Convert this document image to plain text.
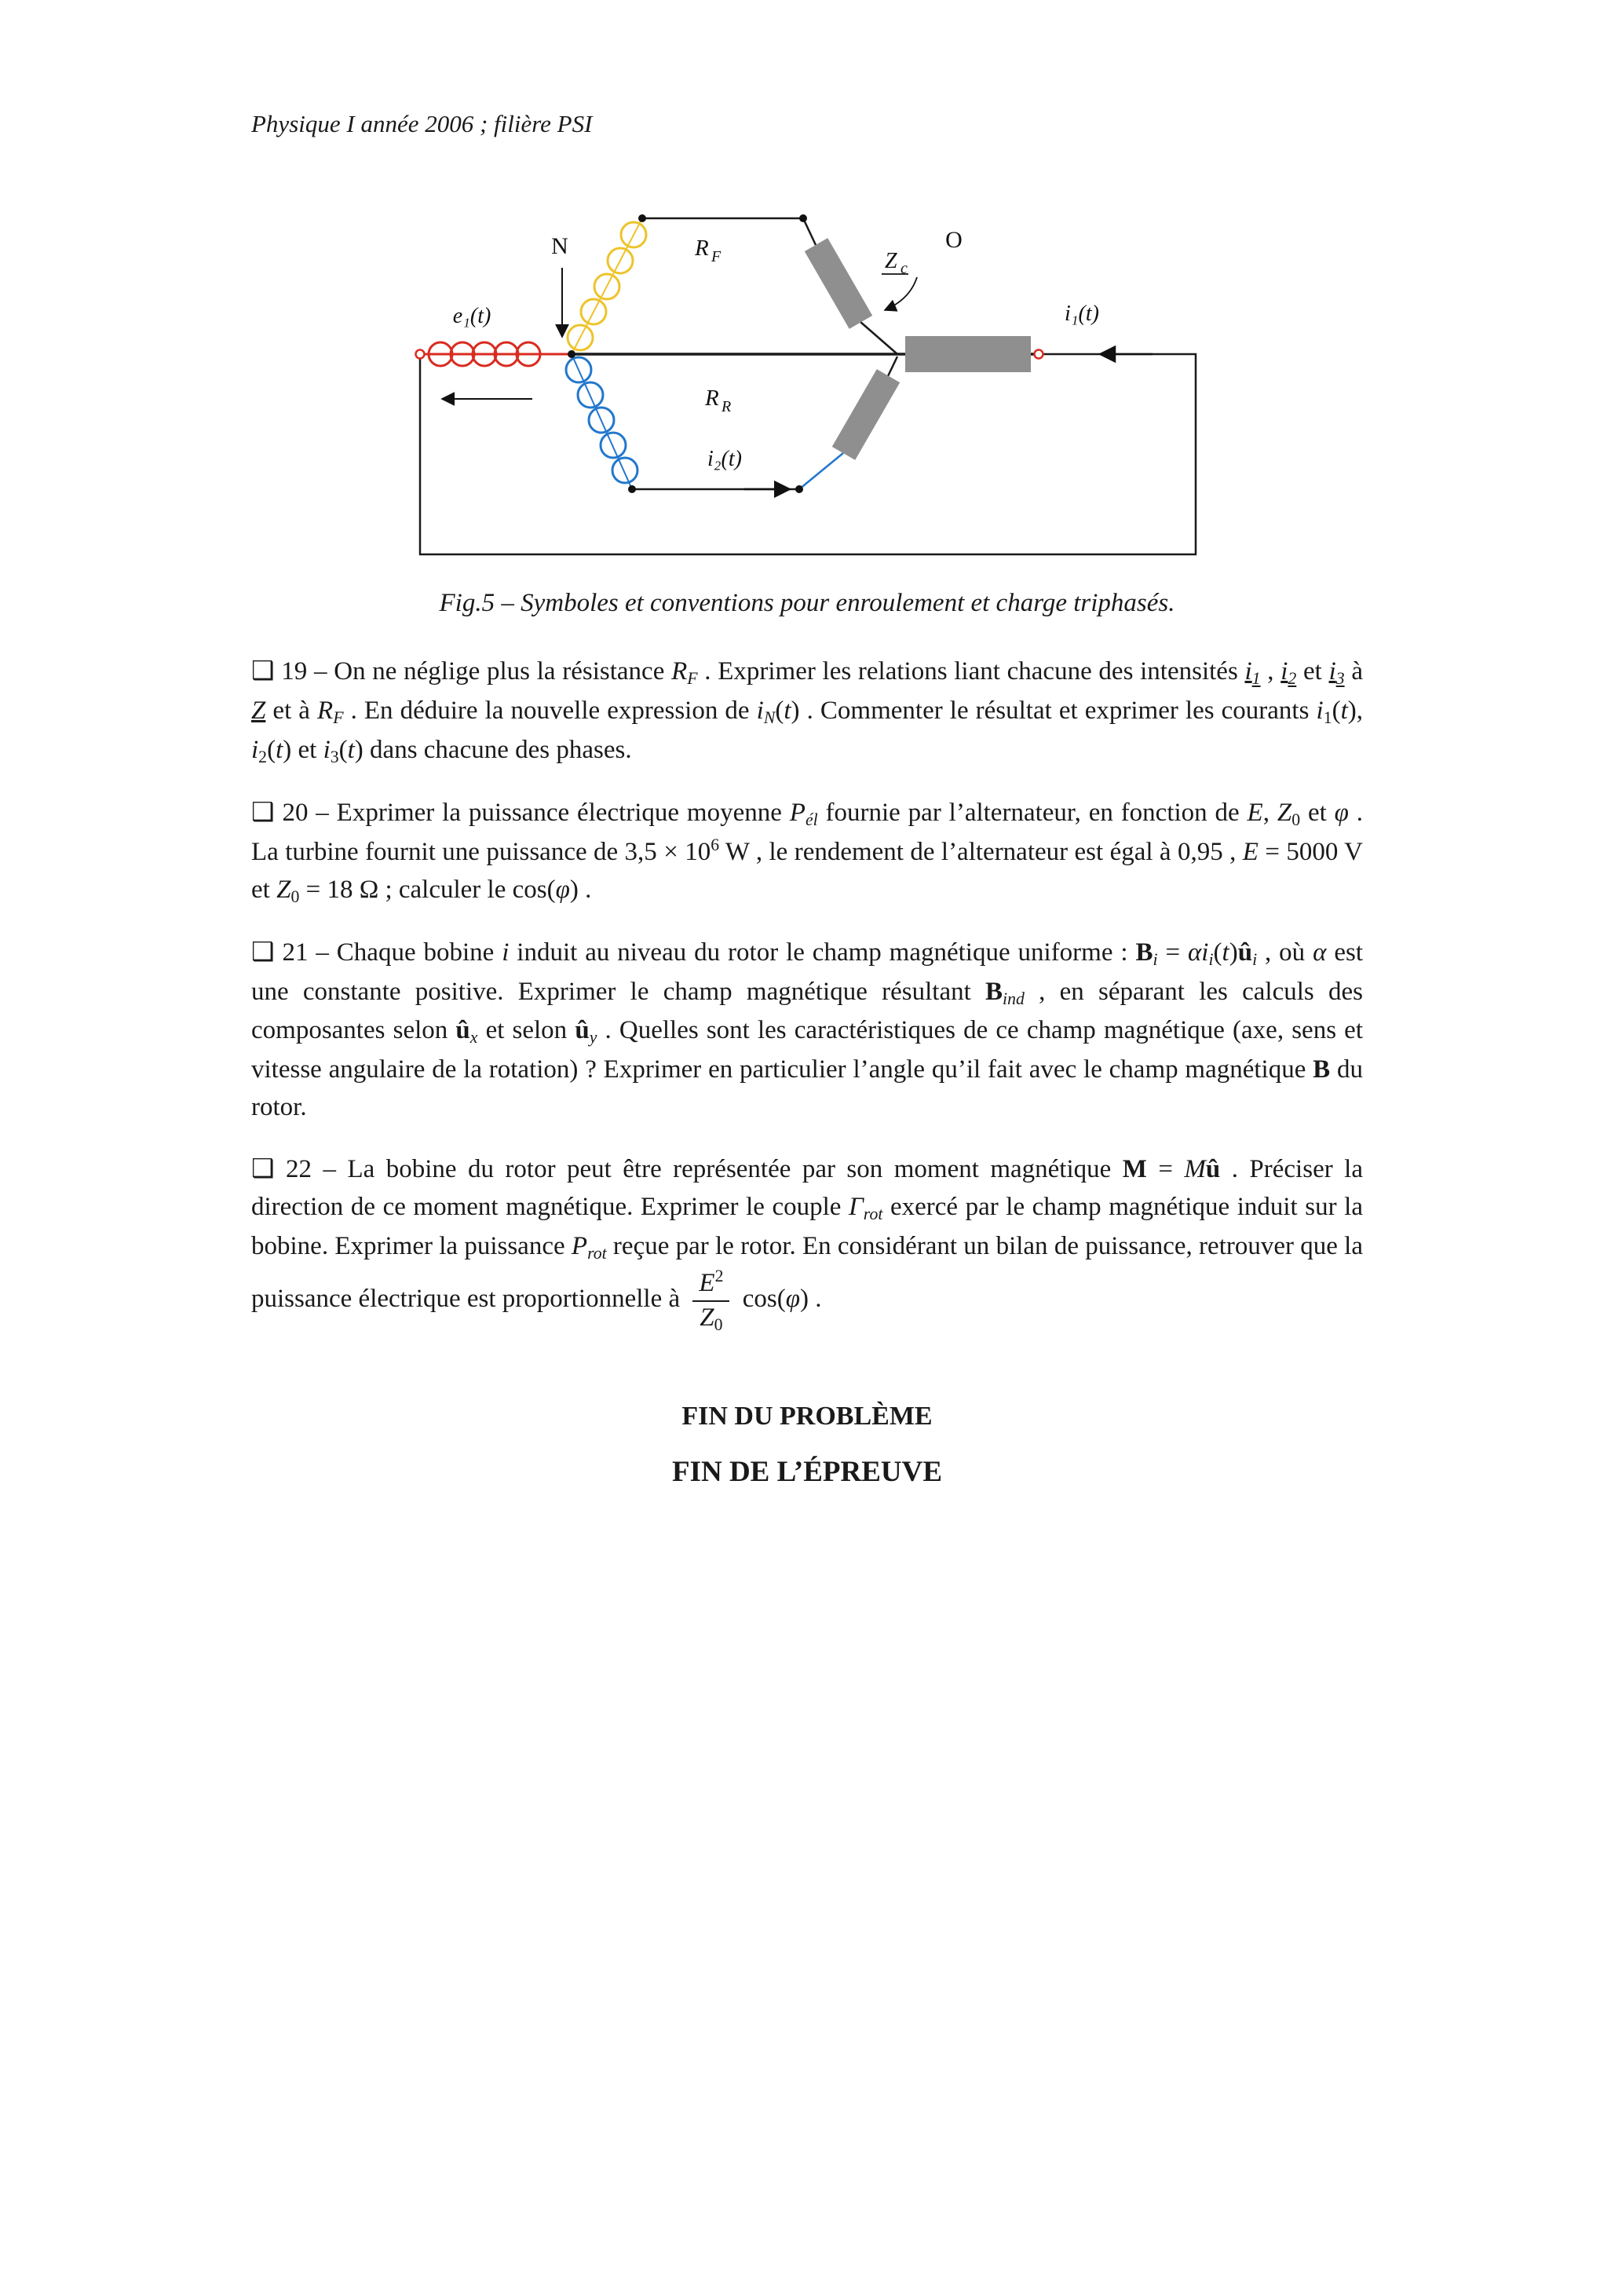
Physique I année 2006 ; filière PSI
N
e₁(t)
R F	Z c
O
i₁(t)
R R
i₂(t)
Fig.5 – Symboles et conventions pour enroulement et charge triphasés.
❑ 19 – On ne néglige plus la résistance RF . Exprimer les relations liant chacune des intensités i1 , i2 et i3 à Z et à RF . En déduire la nouvelle expression de iN(t) . Commenter le résultat et exprimer les courants i1(t), i2(t) et i3(t) dans chacune des phases.
❑ 20 – Exprimer la puissance électrique moyenne Pél fournie par l’alternateur, en fonction de E, Z0 et φ . La turbine fournit une puissance de $3,5 \times 10^6$ W , le rendement de l’alternateur est égal à 0,95 , E = 5000 V et Z0 = 18 Ω ; calculer le cos(φ) .
❑ 21 – Chaque bobine i induit au niveau du rotor le champ magnétique uniforme : Bi = αii(t)ûi , où α est une constante positive. Exprimer le champ magnétique résultant Bind , en séparant les calculs des composantes selon ûx et selon ûy . Quelles sont les caractéristiques de ce champ magnétique (axe, sens et vitesse angulaire de la rotation) ? Exprimer en particulier l’angle qu’il fait avec le champ magnétique B du rotor.
❑ 22 – La bobine du rotor peut être représentée par son moment magnétique M = Mû . Préciser la direction de ce moment magnétique. Exprimer le couple Γrot exercé par le champ magnétique induit sur la bobine. Exprimer la puissance Prot reçue par le rotor. En considérant un bilan de puissance, retrouver que la puissance électrique est proportionnelle à $\frac{E^2}{Z0} \cos(\varphi)$ .
FIN DU PROBLÈME
FIN DE L’ÉPREUVE
